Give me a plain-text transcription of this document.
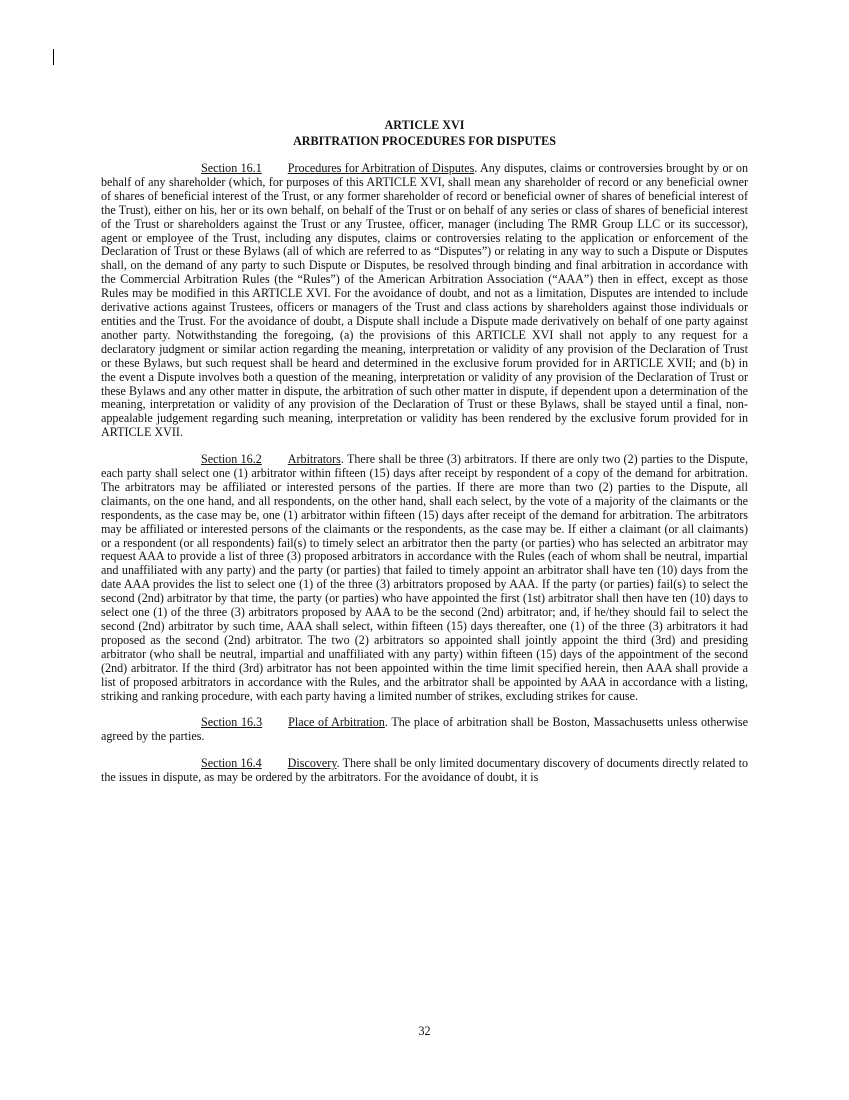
ARTICLE XVI
ARBITRATION PROCEDURES FOR DISPUTES

Section 16.1 Procedures for Arbitration of Disputes. Any disputes, claims or controversies brought by or on behalf of any shareholder (which, for purposes of this ARTICLE XVI, shall mean any shareholder of record or any beneficial owner of shares of beneficial interest of the Trust, or any former shareholder of record or beneficial owner of shares of beneficial interest of the Trust), either on his, her or its own behalf, on behalf of the Trust or on behalf of any series or class of shares of beneficial interest of the Trust or shareholders against the Trust or any Trustee, officer, manager (including The RMR Group LLC or its successor), agent or employee of the Trust, including any disputes, claims or controversies relating to the application or enforcement of the Declaration of Trust or these Bylaws (all of which are referred to as “Disputes”) or relating in any way to such a Dispute or Disputes shall, on the demand of any party to such Dispute or Disputes, be resolved through binding and final arbitration in accordance with the Commercial Arbitration Rules (the “Rules”) of the American Arbitration Association (“AAA”) then in effect, except as those Rules may be modified in this ARTICLE XVI. For the avoidance of doubt, and not as a limitation, Disputes are intended to include derivative actions against Trustees, officers or managers of the Trust and class actions by shareholders against those individuals or entities and the Trust. For the avoidance of doubt, a Dispute shall include a Dispute made derivatively on behalf of one party against another party. Notwithstanding the foregoing, (a) the provisions of this ARTICLE XVI shall not apply to any request for a declaratory judgment or similar action regarding the meaning, interpretation or validity of any provision of the Declaration of Trust or these Bylaws, but such request shall be heard and determined in the exclusive forum provided for in ARTICLE XVII; and (b) in the event a Dispute involves both a question of the meaning, interpretation or validity of any provision of the Declaration of Trust or these Bylaws and any other matter in dispute, the arbitration of such other matter in dispute, if dependent upon a determination of the meaning, interpretation or validity of any provision of the Declaration of Trust or these Bylaws, shall be stayed until a final, non-appealable judgement regarding such meaning, interpretation or validity has been rendered by the exclusive forum provided for in ARTICLE XVII.

Section 16.2 Arbitrators. There shall be three (3) arbitrators. If there are only two (2) parties to the Dispute, each party shall select one (1) arbitrator within fifteen (15) days after receipt by respondent of a copy of the demand for arbitration. The arbitrators may be affiliated or interested persons of the parties. If there are more than two (2) parties to the Dispute, all claimants, on the one hand, and all respondents, on the other hand, shall each select, by the vote of a majority of the claimants or the respondents, as the case may be, one (1) arbitrator within fifteen (15) days after receipt of the demand for arbitration. The arbitrators may be affiliated or interested persons of the claimants or the respondents, as the case may be. If either a claimant (or all claimants) or a respondent (or all respondents) fail(s) to timely select an arbitrator then the party (or parties) who has selected an arbitrator may request AAA to provide a list of three (3) proposed arbitrators in accordance with the Rules (each of whom shall be neutral, impartial and unaffiliated with any party) and the party (or parties) that failed to timely appoint an arbitrator shall have ten (10) days from the date AAA provides the list to select one (1) of the three (3) arbitrators proposed by AAA. If the party (or parties) fail(s) to select the second (2nd) arbitrator by that time, the party (or parties) who have appointed the first (1st) arbitrator shall then have ten (10) days to select one (1) of the three (3) arbitrators proposed by AAA to be the second (2nd) arbitrator; and, if he/they should fail to select the second (2nd) arbitrator by such time, AAA shall select, within fifteen (15) days thereafter, one (1) of the three (3) arbitrators it had proposed as the second (2nd) arbitrator. The two (2) arbitrators so appointed shall jointly appoint the third (3rd) and presiding arbitrator (who shall be neutral, impartial and unaffiliated with any party) within fifteen (15) days of the appointment of the second (2nd) arbitrator. If the third (3rd) arbitrator has not been appointed within the time limit specified herein, then AAA shall provide a list of proposed arbitrators in accordance with the Rules, and the arbitrator shall be appointed by AAA in accordance with a listing, striking and ranking procedure, with each party having a limited number of strikes, excluding strikes for cause.

Section 16.3 Place of Arbitration. The place of arbitration shall be Boston, Massachusetts unless otherwise agreed by the parties.

Section 16.4 Discovery. There shall be only limited documentary discovery of documents directly related to the issues in dispute, as may be ordered by the arbitrators. For the avoidance of doubt, it is

32
